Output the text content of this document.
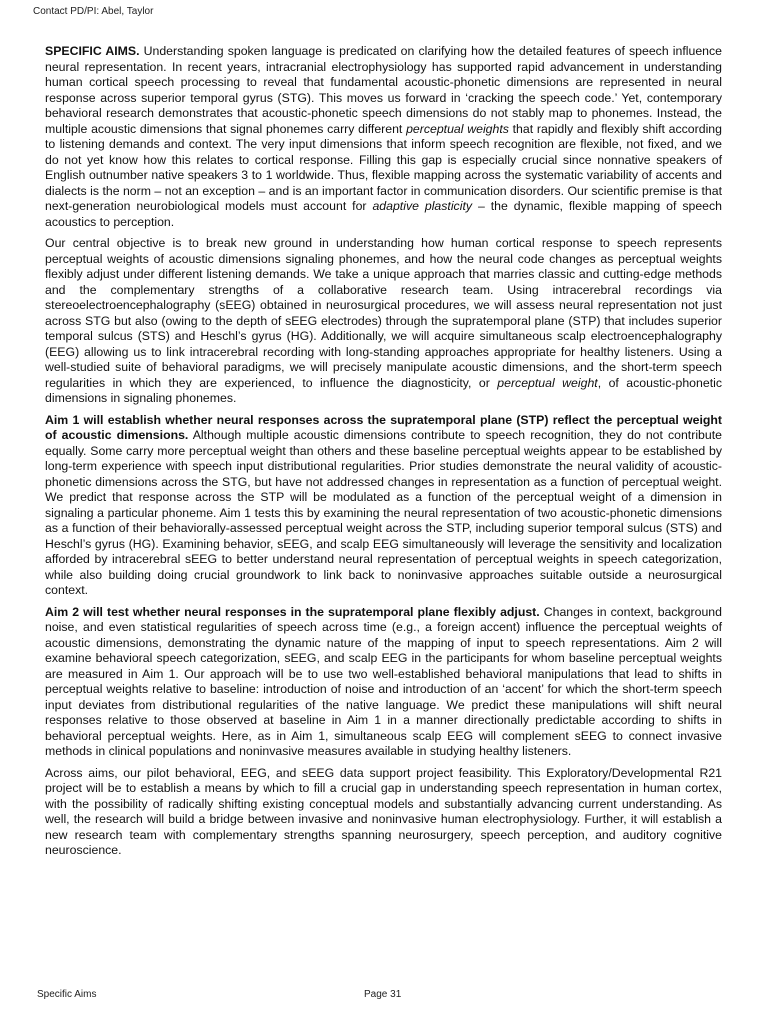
Contact PD/PI: Abel, Taylor

SPECIFIC AIMS. Understanding spoken language is predicated on clarifying how the detailed features of speech influence neural representation. In recent years, intracranial electrophysiology has supported rapid advancement in understanding human cortical speech processing to reveal that fundamental acoustic-phonetic dimensions are represented in neural response across superior temporal gyrus (STG). This moves us forward in ‘cracking the speech code.’ Yet, contemporary behavioral research demonstrates that acoustic-phonetic speech dimensions do not stably map to phonemes. Instead, the multiple acoustic dimensions that signal phonemes carry different perceptual weights that rapidly and flexibly shift according to listening demands and context. The very input dimensions that inform speech recognition are flexible, not fixed, and we do not yet know how this relates to cortical response. Filling this gap is especially crucial since nonnative speakers of English outnumber native speakers 3 to 1 worldwide. Thus, flexible mapping across the systematic variability of accents and dialects is the norm – not an exception – and is an important factor in communication disorders. Our scientific premise is that next-generation neurobiological models must account for adaptive plasticity – the dynamic, flexible mapping of speech acoustics to perception.

Our central objective is to break new ground in understanding how human cortical response to speech represents perceptual weights of acoustic dimensions signaling phonemes, and how the neural code changes as perceptual weights flexibly adjust under different listening demands. We take a unique approach that marries classic and cutting-edge methods and the complementary strengths of a collaborative research team. Using intracerebral recordings via stereoelectroencephalography (sEEG) obtained in neurosurgical procedures, we will assess neural representation not just across STG but also (owing to the depth of sEEG electrodes) through the supratemporal plane (STP) that includes superior temporal sulcus (STS) and Heschl’s gyrus (HG). Additionally, we will acquire simultaneous scalp electroencephalography (EEG) allowing us to link intracerebral recording with long-standing approaches appropriate for healthy listeners. Using a well-studied suite of behavioral paradigms, we will precisely manipulate acoustic dimensions, and the short-term speech regularities in which they are experienced, to influence the diagnosticity, or perceptual weight, of acoustic-phonetic dimensions in signaling phonemes.

Aim 1 will establish whether neural responses across the supratemporal plane (STP) reflect the perceptual weight of acoustic dimensions. Although multiple acoustic dimensions contribute to speech recognition, they do not contribute equally. Some carry more perceptual weight than others and these baseline perceptual weights appear to be established by long-term experience with speech input distributional regularities. Prior studies demonstrate the neural validity of acoustic-phonetic dimensions across the STG, but have not addressed changes in representation as a function of perceptual weight. We predict that response across the STP will be modulated as a function of the perceptual weight of a dimension in signaling a particular phoneme. Aim 1 tests this by examining the neural representation of two acoustic-phonetic dimensions as a function of their behaviorally-assessed perceptual weight across the STP, including superior temporal sulcus (STS) and Heschl’s gyrus (HG). Examining behavior, sEEG, and scalp EEG simultaneously will leverage the sensitivity and localization afforded by intracerebral sEEG to better understand neural representation of perceptual weights in speech categorization, while also building doing crucial groundwork to link back to noninvasive approaches suitable outside a neurosurgical context.

Aim 2 will test whether neural responses in the supratemporal plane flexibly adjust. Changes in context, background noise, and even statistical regularities of speech across time (e.g., a foreign accent) influence the perceptual weights of acoustic dimensions, demonstrating the dynamic nature of the mapping of input to speech representations. Aim 2 will examine behavioral speech categorization, sEEG, and scalp EEG in the participants for whom baseline perceptual weights are measured in Aim 1. Our approach will be to use two well-established behavioral manipulations that lead to shifts in perceptual weights relative to baseline: introduction of noise and introduction of an ‘accent’ for which the short-term speech input deviates from distributional regularities of the native language. We predict these manipulations will shift neural responses relative to those observed at baseline in Aim 1 in a manner directionally predictable according to shifts in behavioral perceptual weights. Here, as in Aim 1, simultaneous scalp EEG will complement sEEG to connect invasive methods in clinical populations and noninvasive measures available in studying healthy listeners.

Across aims, our pilot behavioral, EEG, and sEEG data support project feasibility. This Exploratory/Developmental R21 project will be to establish a means by which to fill a crucial gap in understanding speech representation in human cortex, with the possibility of radically shifting existing conceptual models and substantially advancing current understanding. As well, the research will build a bridge between invasive and noninvasive human electrophysiology. Further, it will establish a new research team with complementary strengths spanning neurosurgery, speech perception, and auditory cognitive neuroscience.

Specific Aims	Page 31
